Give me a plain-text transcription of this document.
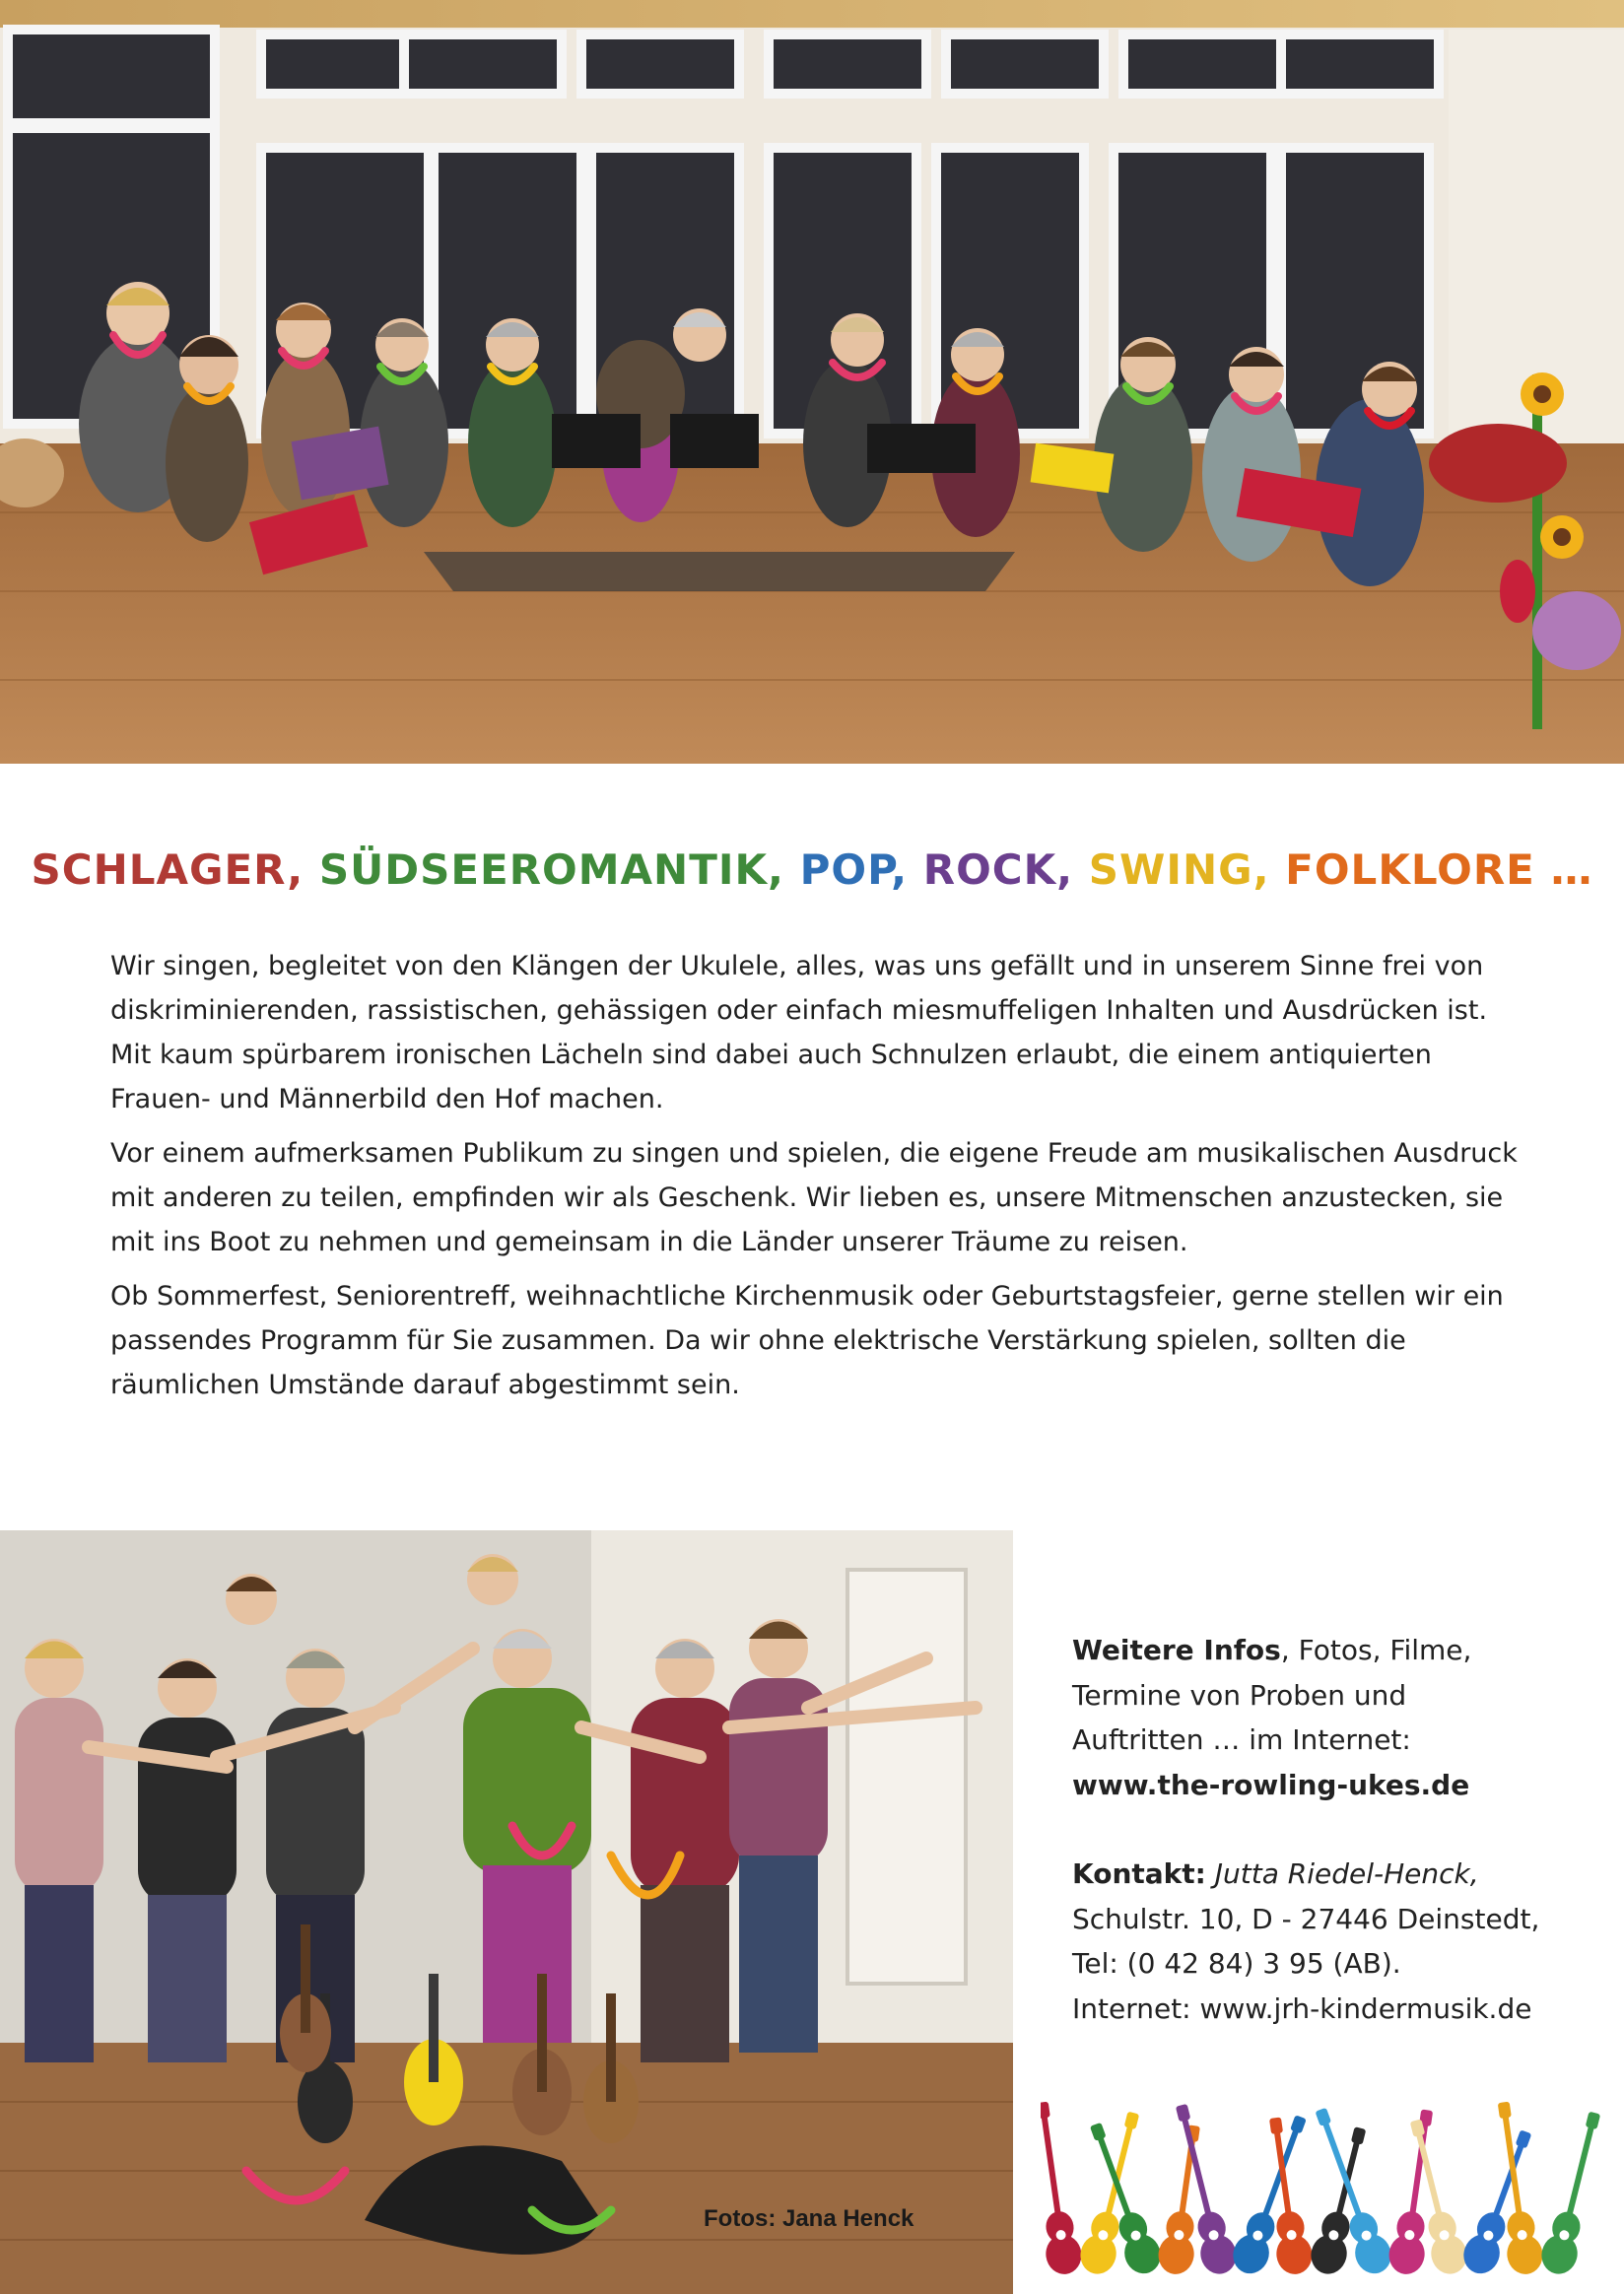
SCHLAGER, SÜDSEEROMANTIK, POP, ROCK, SWING, FOLKLORE …

Wir singen, begleitet von den Klängen der Ukulele, alles, was uns gefällt und in unserem Sinne frei von diskriminierenden, rassistischen, gehässigen oder einfach miesmuffeligen Inhalten und Ausdrücken ist. Mit kaum spürbarem ironischen Lächeln sind dabei auch Schnulzen erlaubt, die einem antiquierten Frauen- und Männerbild den Hof machen.

Vor einem aufmerksamen Publikum zu singen und spielen, die eigene Freude am musikalischen Ausdruck mit anderen zu teilen, empfinden wir als Geschenk. Wir lieben es, unsere Mitmenschen anzustecken, sie mit ins Boot zu nehmen und gemeinsam in die Länder unserer Träume zu reisen.

Ob Sommerfest, Seniorentreff, weihnachtliche Kirchenmusik oder Geburtstagsfeier, gerne stellen wir ein passendes Programm für Sie zusammen. Da wir ohne elektrische Verstärkung spielen, sollten die räumlichen Umstände darauf abgestimmt sein.

Fotos: Jana Henck
Weitere Infos, Fotos, Filme,
Termine von Proben und
Auftritten … im Internet:
www.the-rowling-ukes.de
Kontakt: Jutta Riedel-Henck,
Schulstr. 10, D - 27446 Deinstedt,
Tel: (0 42 84) 3 95 (AB).
Internet: www.jrh-kindermusik.de
